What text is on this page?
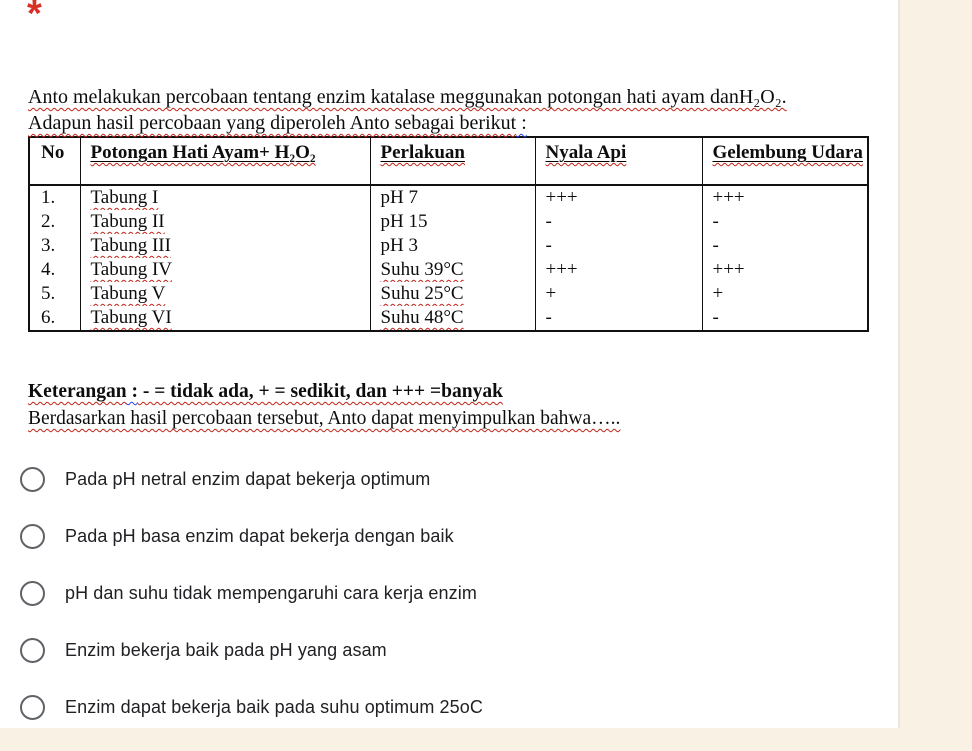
*

Anto melakukan percobaan tentang enzim katalase meggunakan potongan hati ayam danH₂O₂.

Adapun hasil percobaan yang diperoleh Anto sebagai berikut :

No	Potongan Hati Ayam+ H₂O₂	Perlakuan	Nyala Api	Gelembung Udara
1.	Tabung I	pH 7	+++	+++
2.	Tabung II	pH 15	-	-
3.	Tabung III	pH 3	-	-
4.	Tabung IV	Suhu 39°C	+++	+++
5.	Tabung V	Suhu 25°C	+	+
6.	Tabung VI	Suhu 48°C	-	-

Keterangan : - = tidak ada, + = sedikit, dan +++ =banyak

Berdasarkan hasil percobaan tersebut, Anto dapat menyimpulkan bahwa…..

Pada pH netral enzim dapat bekerja optimum
Pada pH basa enzim dapat bekerja dengan baik
pH dan suhu tidak mempengaruhi cara kerja enzim
Enzim bekerja baik pada pH yang asam
Enzim dapat bekerja baik pada suhu optimum 25oC
